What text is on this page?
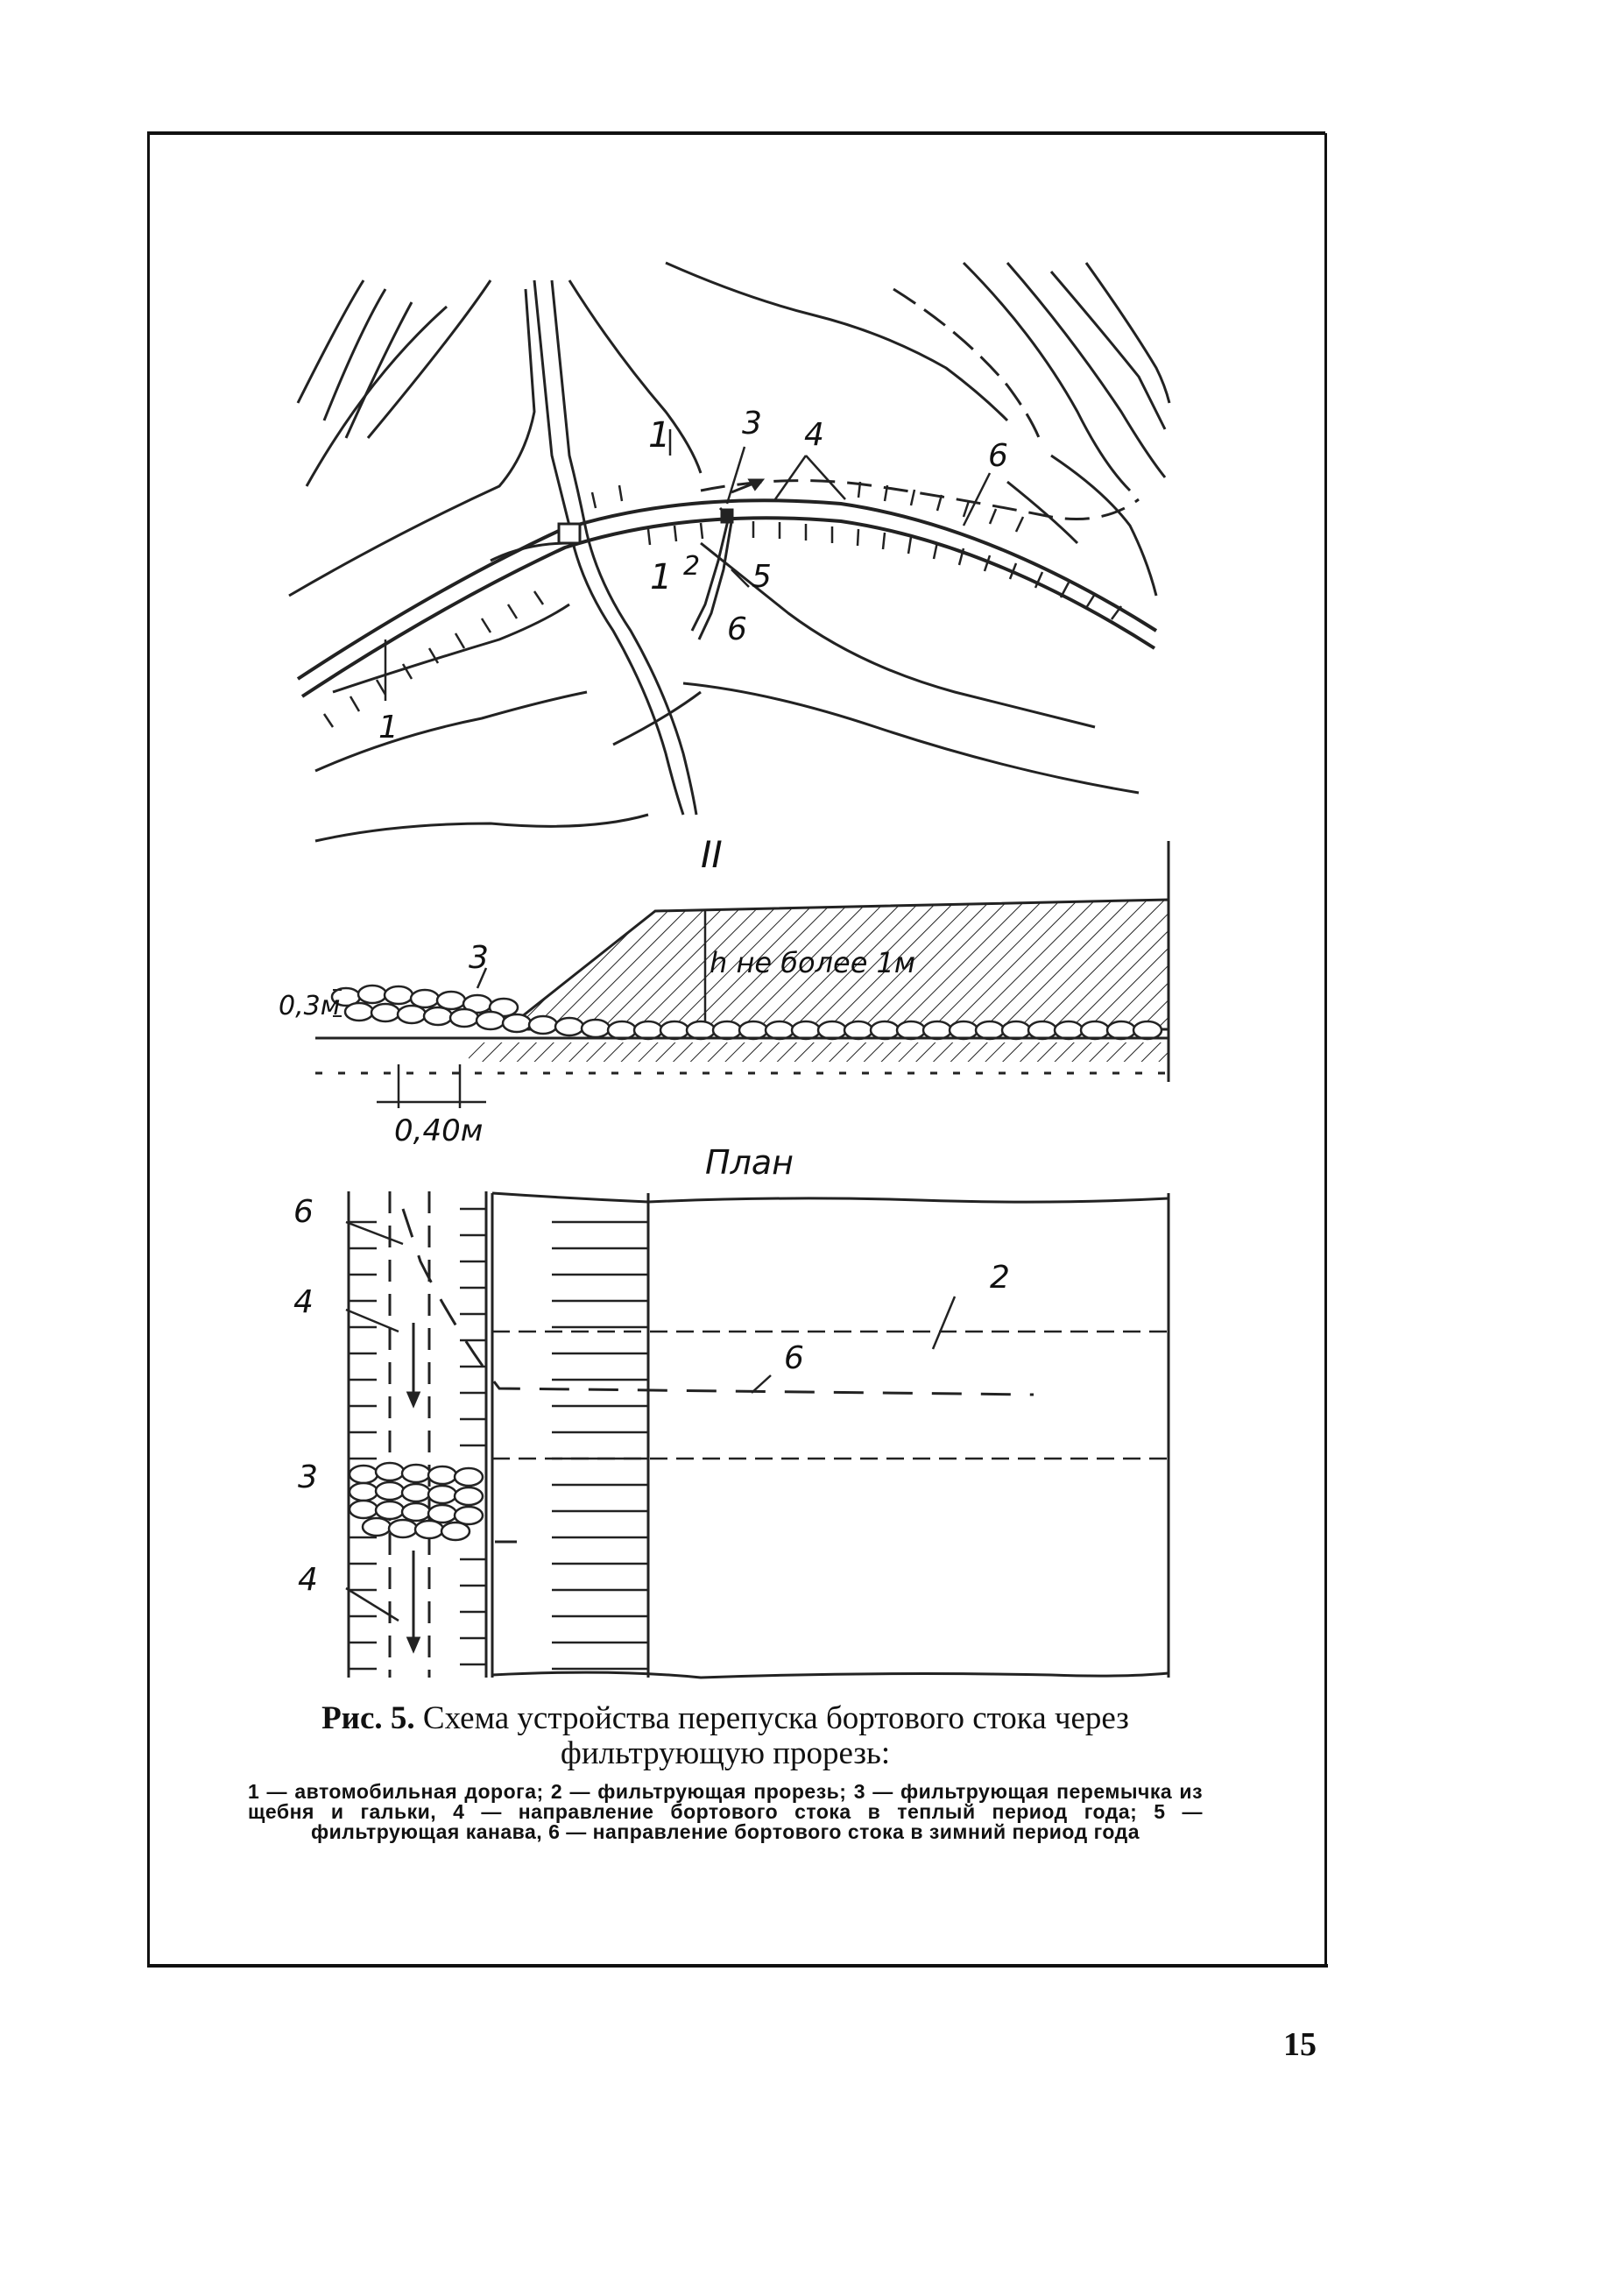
1
1
1
2
3 4
5
6
6
II
h не более 1м
0,3м
0,40м
3
План
6
4
3
4
2
6

Рис. 5. Схема устройства перепуска бортового стока через фильтрующую прорезь:

1 — автомобильная дорога; 2 — фильтрующая прорезь; 3 — фильтрующая перемычка из щебня и гальки, 4 — направление бортового стока в теплый период года; 5 — фильтрующая канава, 6 — направление бортового стока в зимний период года

15
